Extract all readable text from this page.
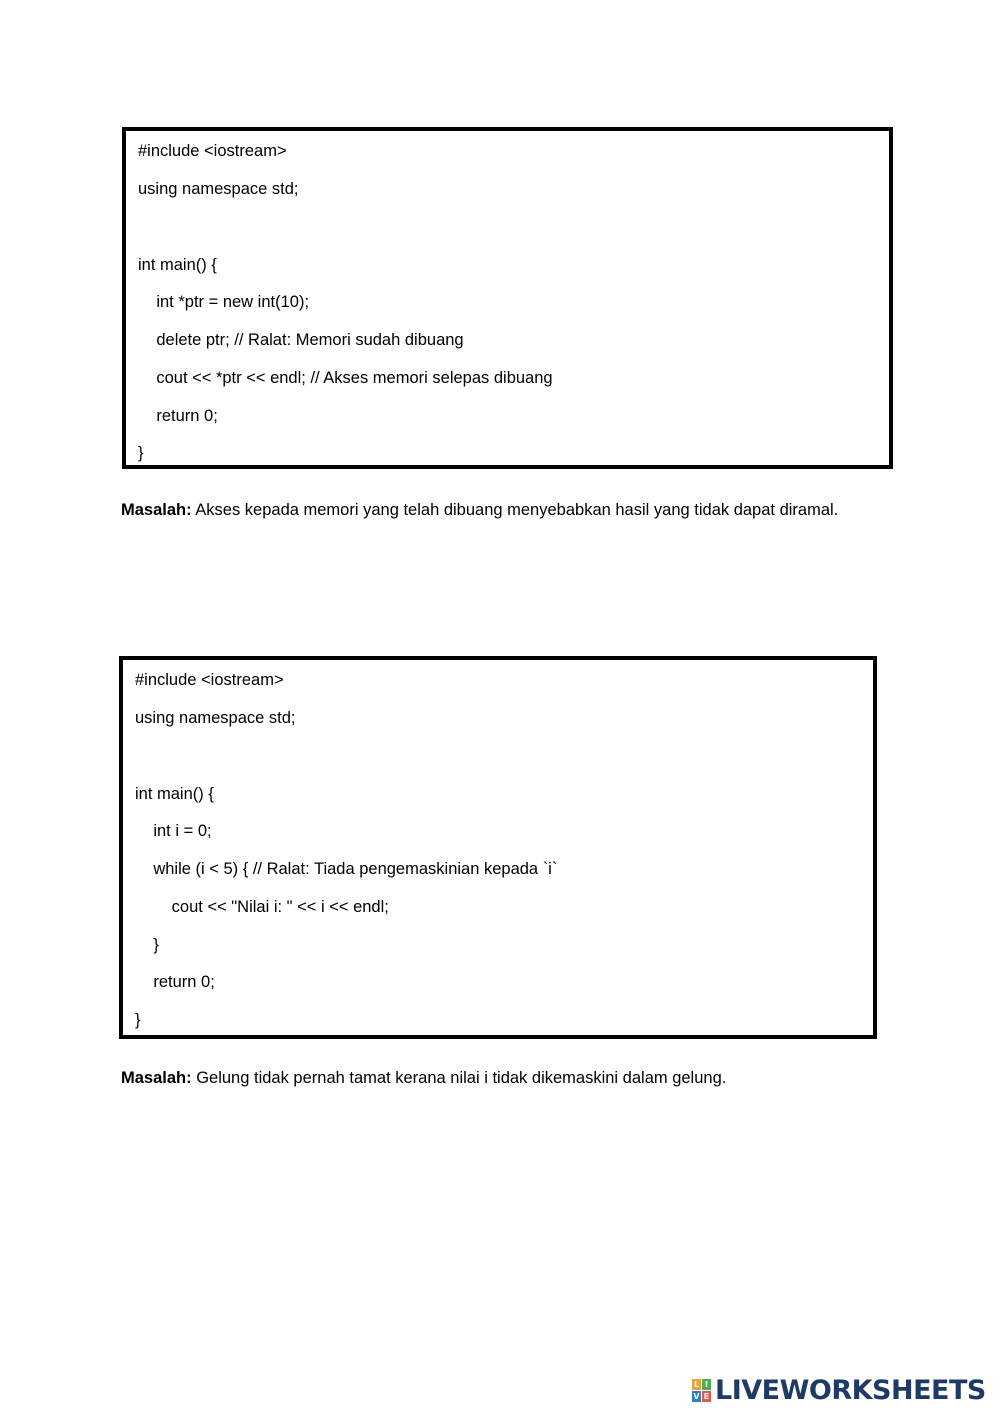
#include <iostream>
using namespace std;
int main() {
int *ptr = new int(10);
delete ptr; // Ralat: Memori sudah dibuang
cout << *ptr << endl; // Akses memori selepas dibuang
return 0;
}
Masalah: Akses kepada memori yang telah dibuang menyebabkan hasil yang tidak dapat diramal.
#include <iostream>
using namespace std;
int main() {
int i = 0;
while (i < 5) { // Ralat: Tiada pengemaskinian kepada `i`
cout << "Nilai i: " << i << endl;
}
return 0;
}
Masalah: Gelung tidak pernah tamat kerana nilai i tidak dikemaskini dalam gelung.
L I
V E LIVEWORKSHEETS
